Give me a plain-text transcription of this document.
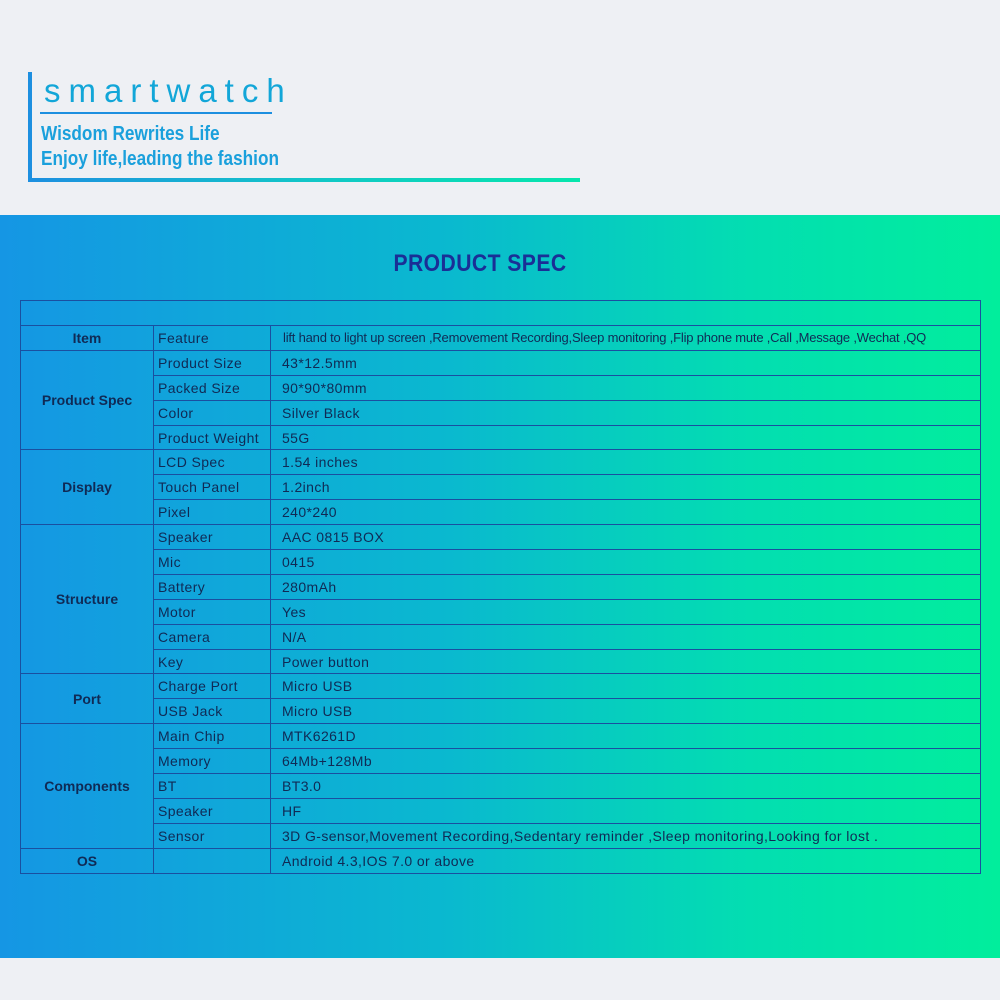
smartwatch
Wisdom Rewrites Life
Enjoy life,leading the fashion
PRODUCT SPEC

Item	Feature	lift hand to light up screen ,Removement Recording,Sleep monitoring ,Flip phone mute ,Call ,Message ,Wechat ,QQ
Product Spec	Product Size	43*12.5mm
	Packed Size	90*90*80mm
	Color	Silver Black
	Product Weight	55G
Display	LCD Spec	1.54 inches
	Touch Panel	1.2inch
	Pixel	240*240
Structure	Speaker	AAC 0815 BOX
	Mic	0415
	Battery	280mAh
	Motor	Yes
	Camera	N/A
	Key	Power button
Port	Charge Port	Micro USB
	USB Jack	Micro USB
Components	Main Chip	MTK6261D
	Memory	64Mb+128Mb
	BT	BT3.0
	Speaker	HF
	Sensor	3D G-sensor,Movement Recording,Sedentary reminder ,Sleep monitoring,Looking for lost .
OS		Android 4.3,IOS 7.0 or above
